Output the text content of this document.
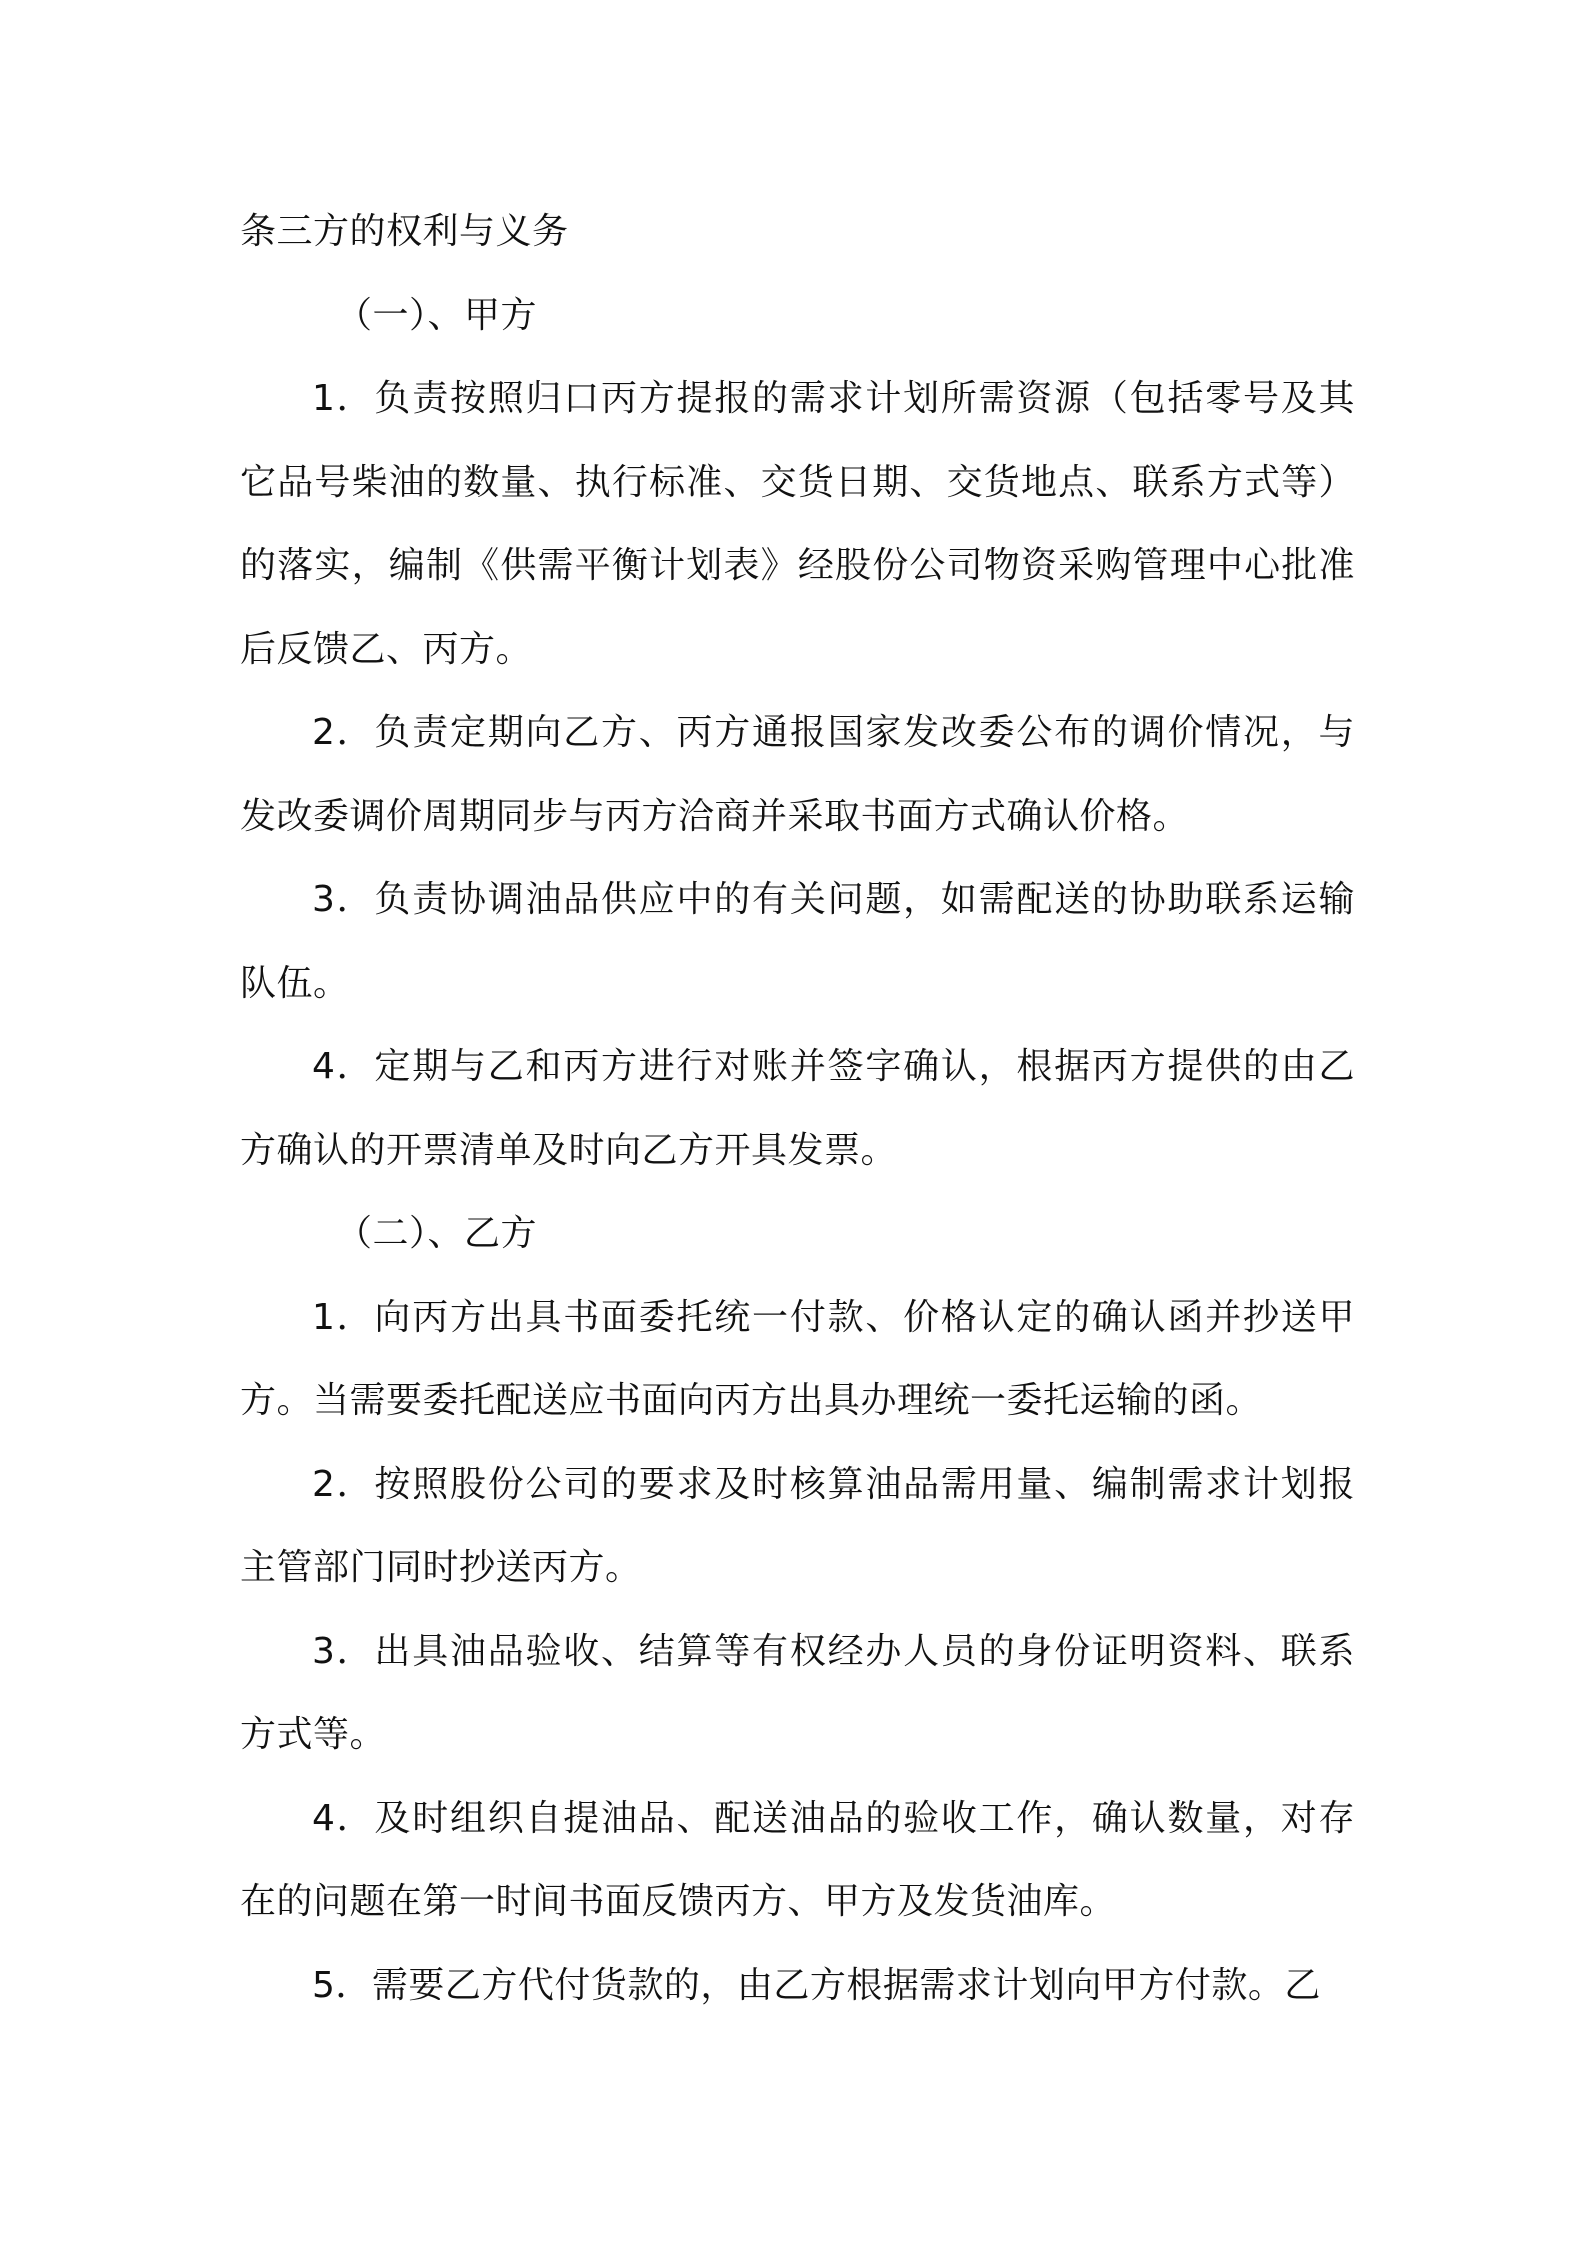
条三方的权利与义务

（一）、甲方

1．负责按照归口丙方提报的需求计划所需资源（包括零号及其它品号柴油的数量、执行标准、交货日期、交货地点、联系方式等）的落实，编制《供需平衡计划表》经股份公司物资采购管理中心批准后反馈乙、丙方。

2．负责定期向乙方、丙方通报国家发改委公布的调价情况，与发改委调价周期同步与丙方洽商并采取书面方式确认价格。

3．负责协调油品供应中的有关问题，如需配送的协助联系运输队伍。

4．定期与乙和丙方进行对账并签字确认，根据丙方提供的由乙方确认的开票清单及时向乙方开具发票。

（二）、乙方

1．向丙方出具书面委托统一付款、价格认定的确认函并抄送甲方。当需要委托配送应书面向丙方出具办理统一委托运输的函。

2．按照股份公司的要求及时核算油品需用量、编制需求计划报主管部门同时抄送丙方。

3．出具油品验收、结算等有权经办人员的身份证明资料、联系方式等。

4．及时组织自提油品、配送油品的验收工作，确认数量，对存在的问题在第一时间书面反馈丙方、甲方及发货油库。

5．需要乙方代付货款的，由乙方根据需求计划向甲方付款。乙
